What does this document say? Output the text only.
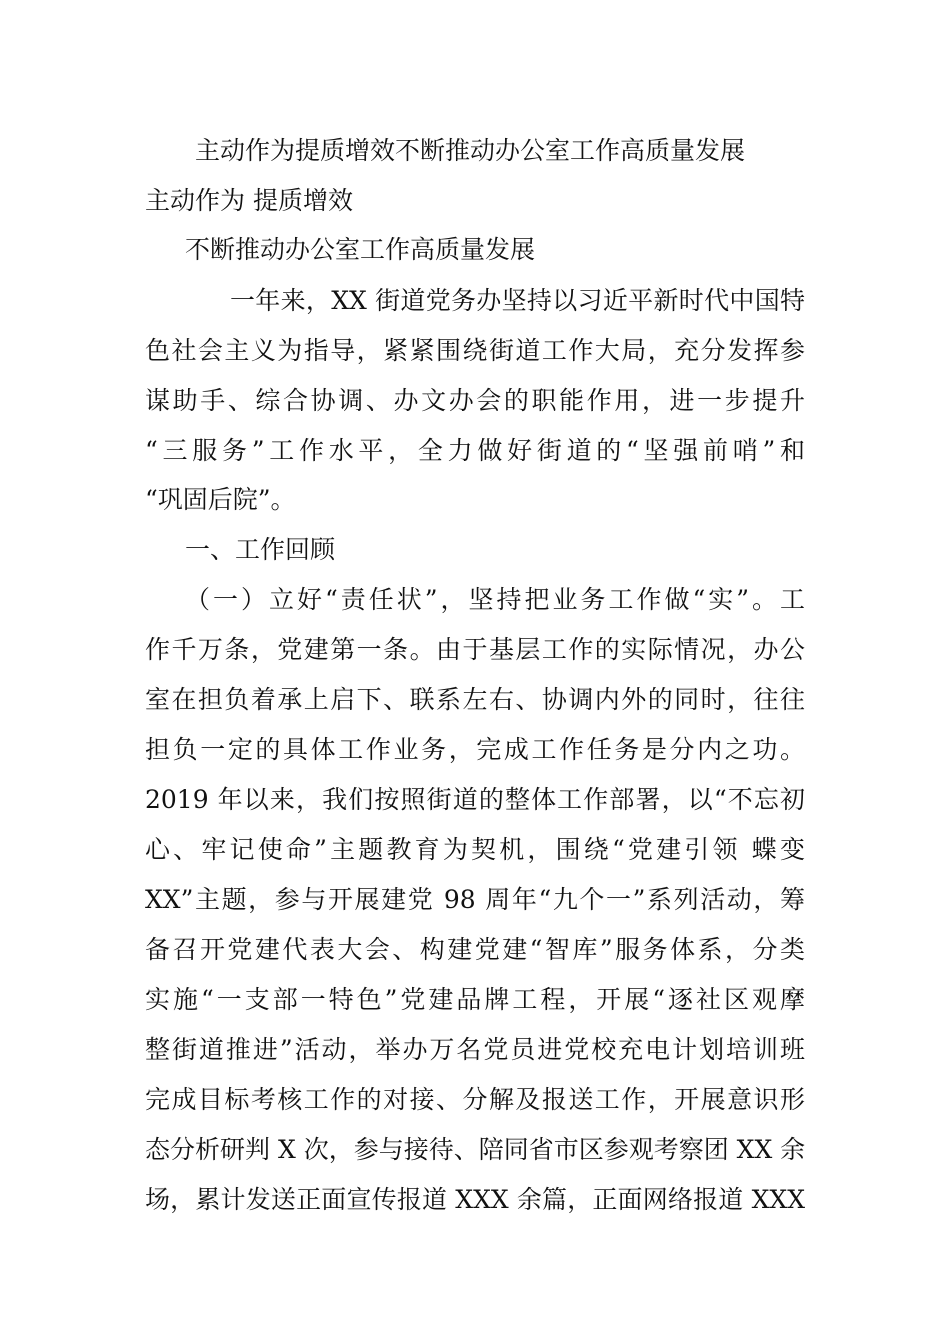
主动作为提质增效不断推动办公室工作高质量发展
主动作为 提质增效
不断推动办公室工作高质量发展
一年来，XX 街道党务办坚持以习近平新时代中国特
色社会主义为指导，紧紧围绕街道工作大局，充分发挥参
谋助手、综合协调、办文办会的职能作用，进一步提升
“三服务”工作水平，全力做好街道的“坚强前哨”和
“巩固后院”。
一、工作回顾
（一）立好“责任状”，坚持把业务工作做“实”。工
作千万条，党建第一条。由于基层工作的实际情况，办公
室在担负着承上启下、联系左右、协调内外的同时，往往
担负一定的具体工作业务，完成工作任务是分内之功。
2019 年以来，我们按照街道的整体工作部署，以“不忘初
心、牢记使命”主题教育为契机，围绕“党建引领 蝶变
XX”主题，参与开展建党 98 周年“九个一”系列活动，筹
备召开党建代表大会、构建党建“智库”服务体系，分类
实施“一支部一特色”党建品牌工程，开展“逐社区观摩
整街道推进”活动，举办万名党员进党校充电计划培训班
完成目标考核工作的对接、分解及报送工作，开展意识形
态分析研判 X 次，参与接待、陪同省市区参观考察团 XX 余
场，累计发送正面宣传报道 XXX 余篇，正面网络报道 XXX
